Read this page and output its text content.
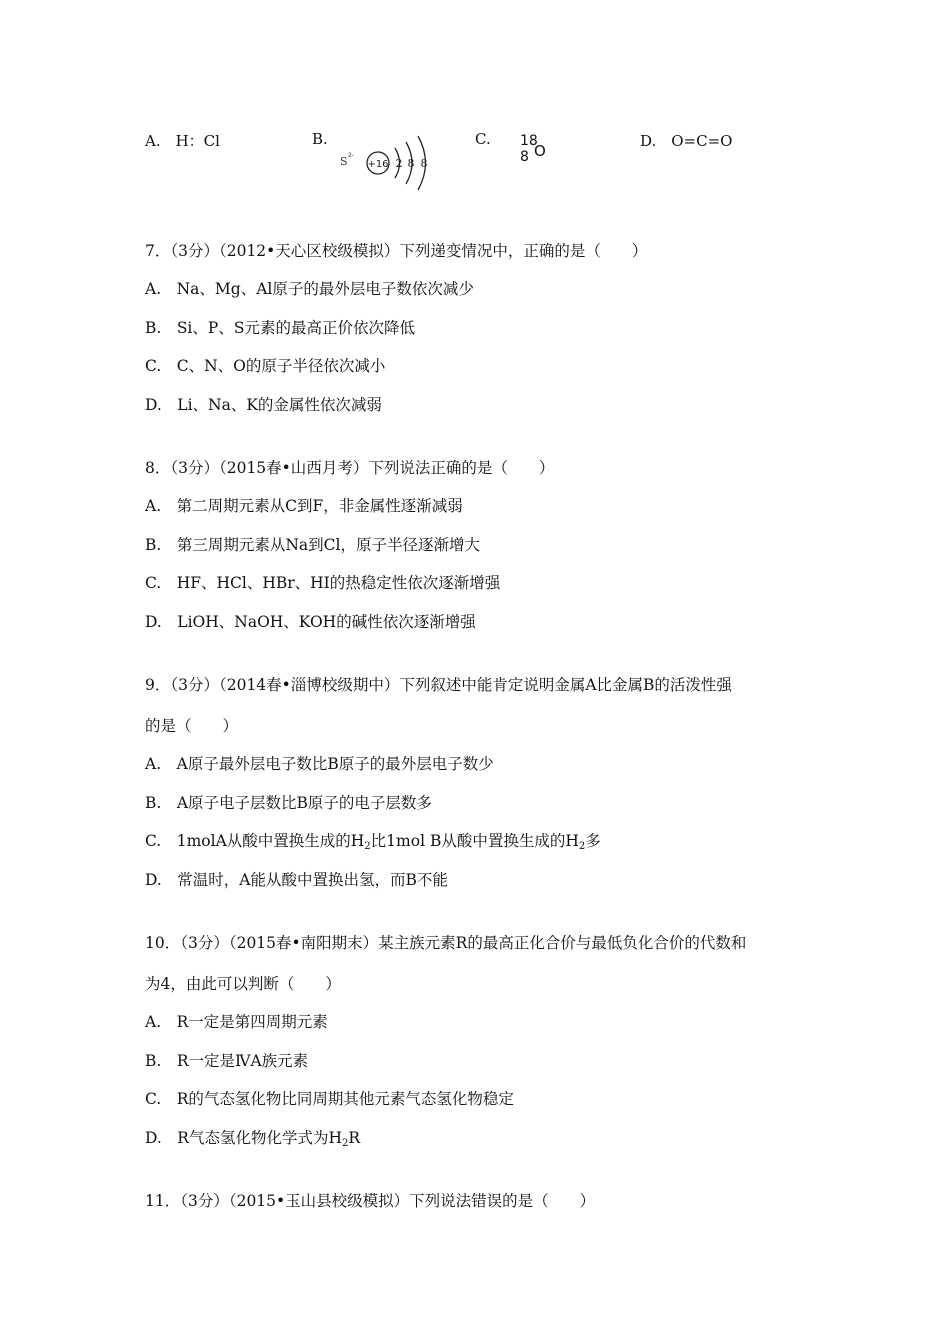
A.　H：Cl	B.	C.	D.　O=C=O
S 2-
+16 2 8 8
18
8 O
7．（3分）（2012•天心区校级模拟）下列递变情况中，正确的是（　　）
A.　Na、Mg、Al原子的最外层电子数依次减少
B.　Si、P、S元素的最高正价依次降低
C.　C、N、O的原子半径依次减小
D.　Li、Na、K的金属性依次减弱
8．（3分）（2015春•山西月考）下列说法正确的是（　　）
A.　第二周期元素从C到F，非金属性逐渐减弱
B.　第三周期元素从Na到Cl，原子半径逐渐增大
C.　HF、HCl、HBr、HI的热稳定性依次逐渐增强
D.　LiOH、NaOH、KOH的碱性依次逐渐增强
9．（3分）（2014春•淄博校级期中）下列叙述中能肯定说明金属A比金属B的活泼性强
的是（　　）
A.　A原子最外层电子数比B原子的最外层电子数少
B.　A原子电子层数比B原子的电子层数多
C.　1molA从酸中置换生成的$H_2$比1mol B从酸中置换生成的$H_2$多
D.　常温时，A能从酸中置换出氢，而B不能
10．（3分）（2015春•南阳期末）某主族元素R的最高正化合价与最低负化合价的代数和
为4，由此可以判断（　　）
A.　R一定是第四周期元素
B.　R一定是ⅣA族元素
C.　R的气态氢化物比同周期其他元素气态氢化物稳定
D.　R气态氢化物化学式为$H_2R$
11．（3分）（2015•玉山县校级模拟）下列说法错误的是（　　）
